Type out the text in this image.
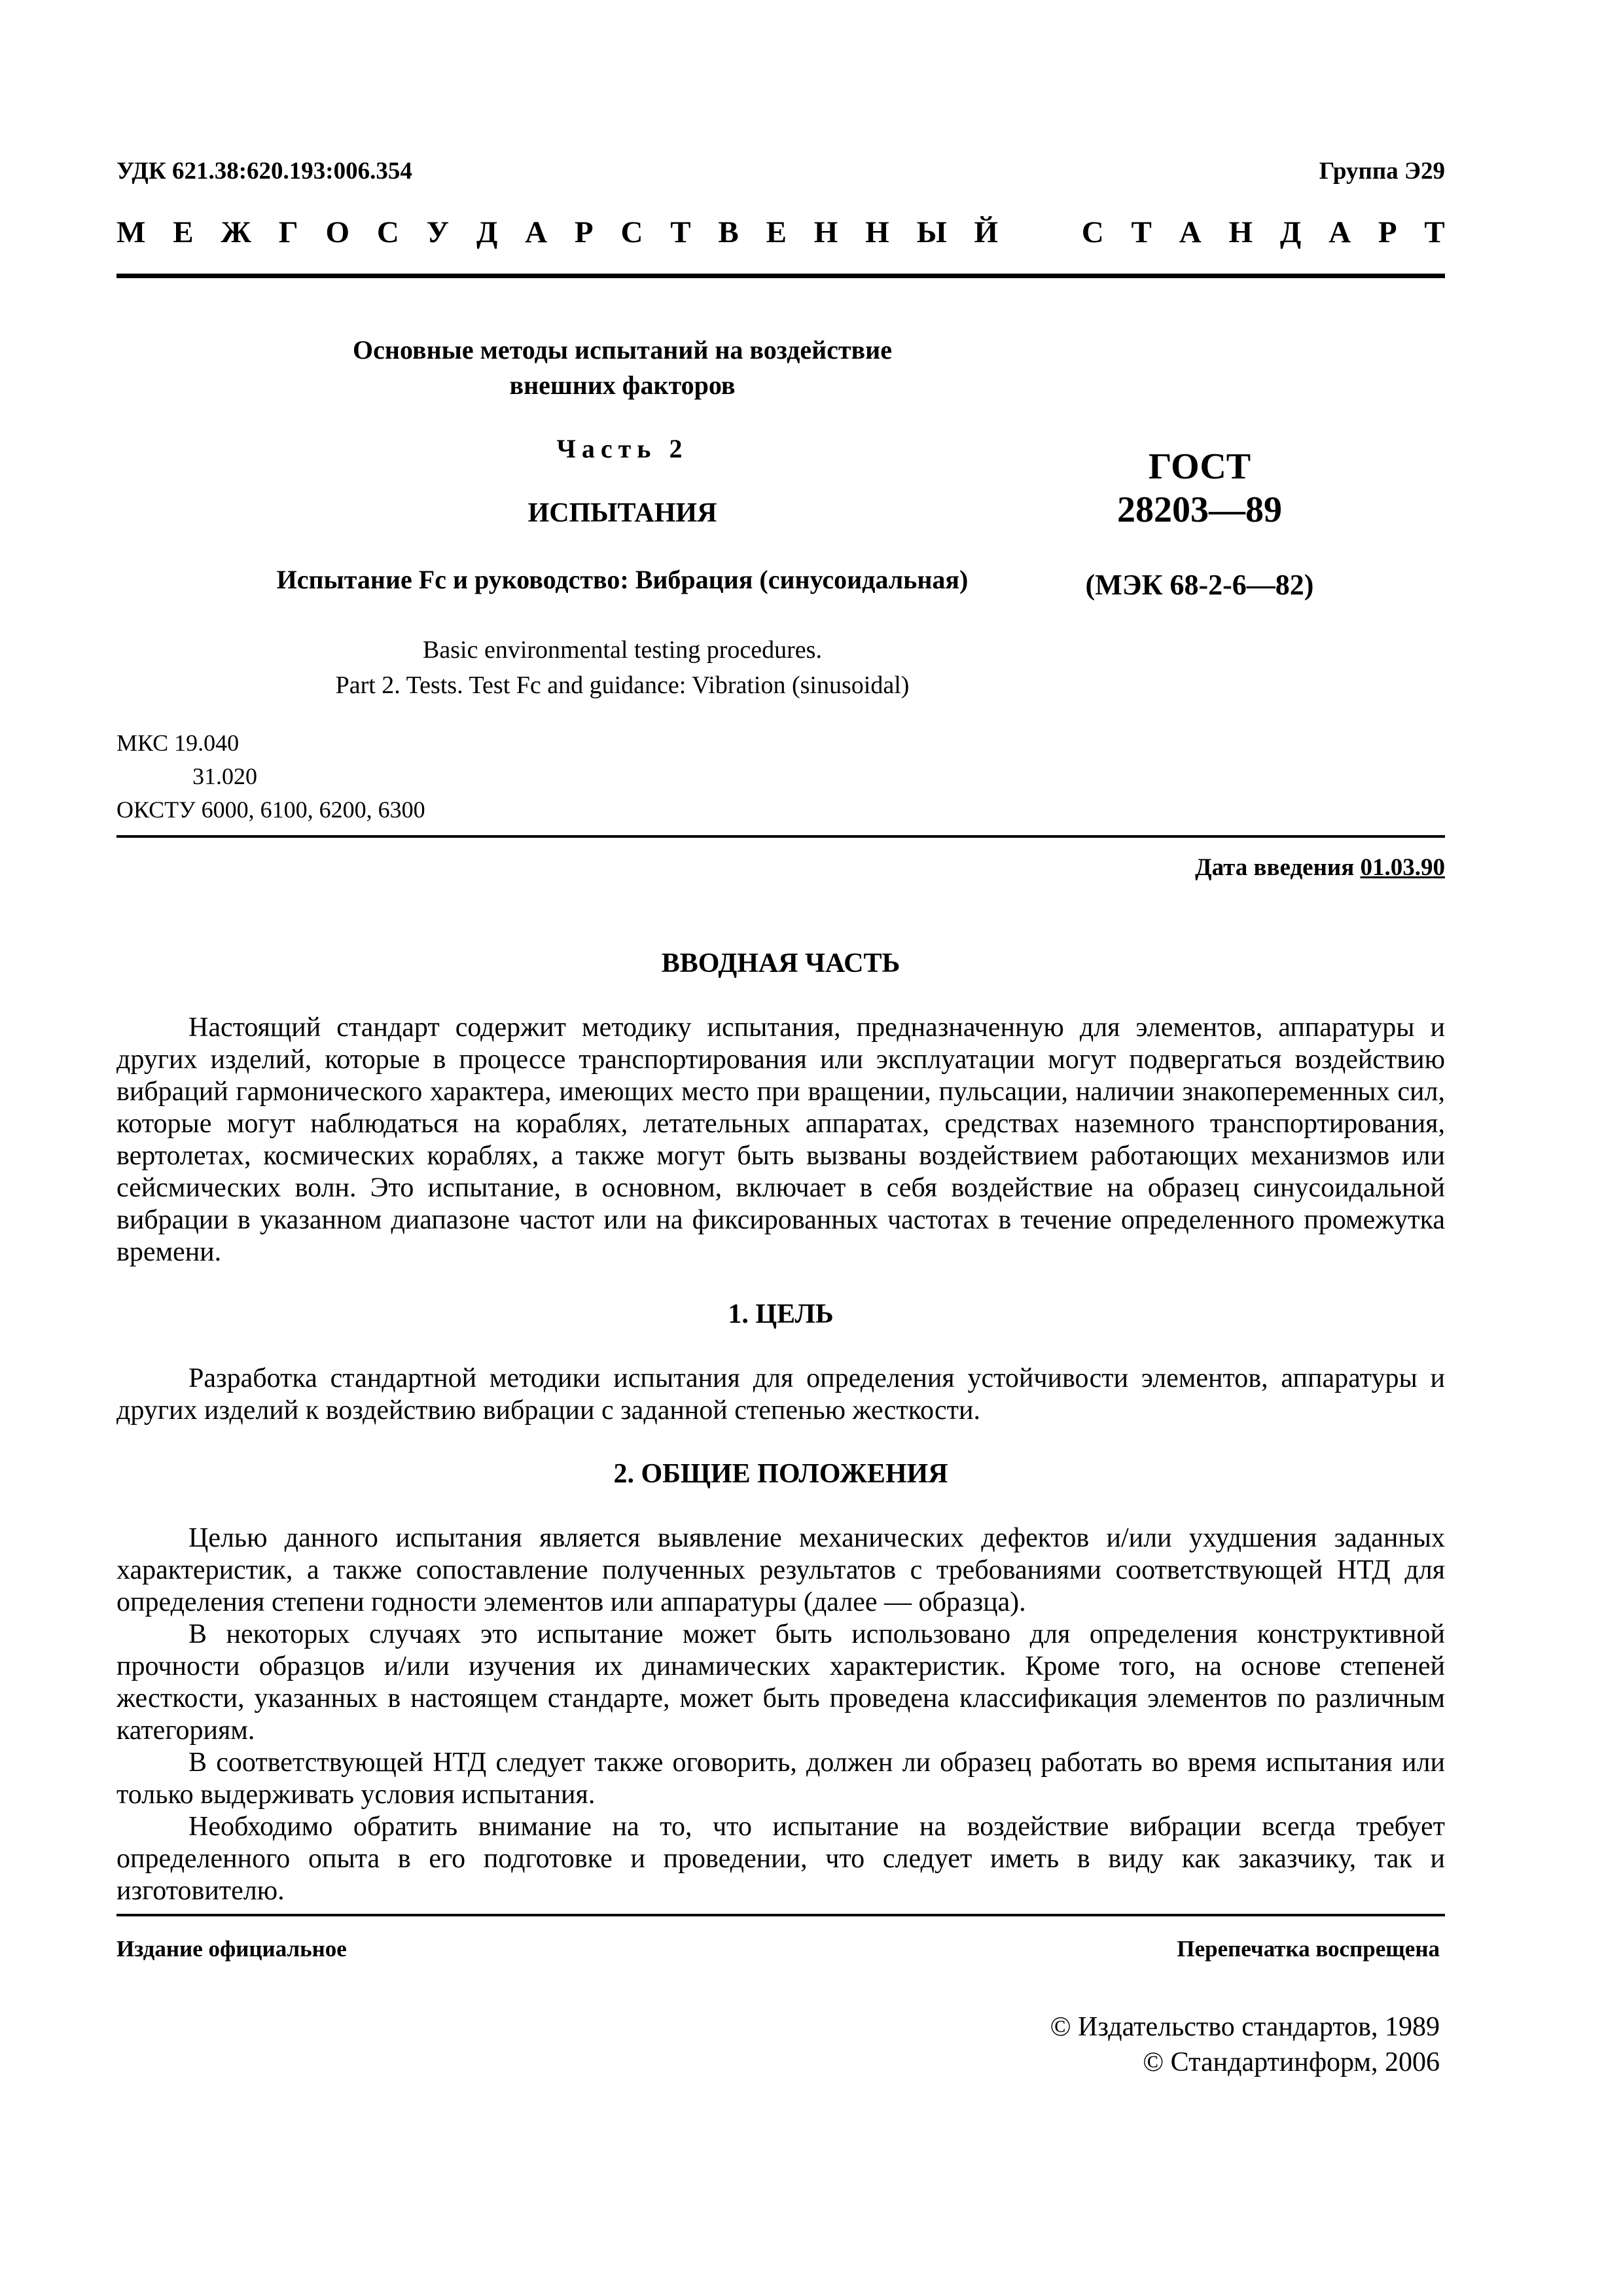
УДК 621.38:620.193:006.354	Группа Э29
М Е Ж Г О С У Д А Р С Т В Е Н Н Ы Й	С Т А Н Д А Р Т
Основные методы испытаний на воздействие
внешних факторов
Часть 2
ИСПЫТАНИЯ
Испытание Fc и руководство: Вибрация (синусоидальная)
Basic environmental testing procedures.
Part 2. Tests. Test Fc and guidance: Vibration (sinusoidal)
ГОСТ
28203—89
(МЭК 68-2-6—82)
МКС 19.040
31.020
ОКСТУ 6000, 6100, 6200, 6300
Дата введения 01.03.90
ВВОДНАЯ ЧАСТЬ

Настоящий стандарт содержит методику испытания, предназначенную для элементов, аппаратуры и других изделий, которые в процессе транспортирования или эксплуатации могут подвергаться воздействию вибраций гармонического характера, имеющих место при вращении, пульсации, наличии знакопеременных сил, которые могут наблюдаться на кораблях, летательных аппаратах, средствах наземного транспортирования, вертолетах, космических кораблях, а также могут быть вызваны воздействием работающих механизмов или сейсмических волн. Это испытание, в основном, включает в себя воздействие на образец синусоидальной вибрации в указанном диапазоне частот или на фиксированных частотах в течение определенного промежутка времени.

1. ЦЕЛЬ

Разработка стандартной методики испытания для определения устойчивости элементов, аппаратуры и других изделий к воздействию вибрации с заданной степенью жесткости.

2. ОБЩИЕ ПОЛОЖЕНИЯ

Целью данного испытания является выявление механических дефектов и/или ухудшения заданных характеристик, а также сопоставление полученных результатов с требованиями соответствующей НТД для определения степени годности элементов или аппаратуры (далее — образца).

В некоторых случаях это испытание может быть использовано для определения конструктивной прочности образцов и/или изучения их динамических характеристик. Кроме того, на основе степеней жесткости, указанных в настоящем стандарте, может быть проведена классификация элементов по различным категориям.

В соответствующей НТД следует также оговорить, должен ли образец работать во время испытания или только выдерживать условия испытания.

Необходимо обратить внимание на то, что испытание на воздействие вибрации всегда требует определенного опыта в его подготовке и проведении, что следует иметь в виду как заказчику, так и изготовителю.

Издание официальное	Перепечатка воспрещена
© Издательство стандартов, 1989
© Стандартинформ, 2006
